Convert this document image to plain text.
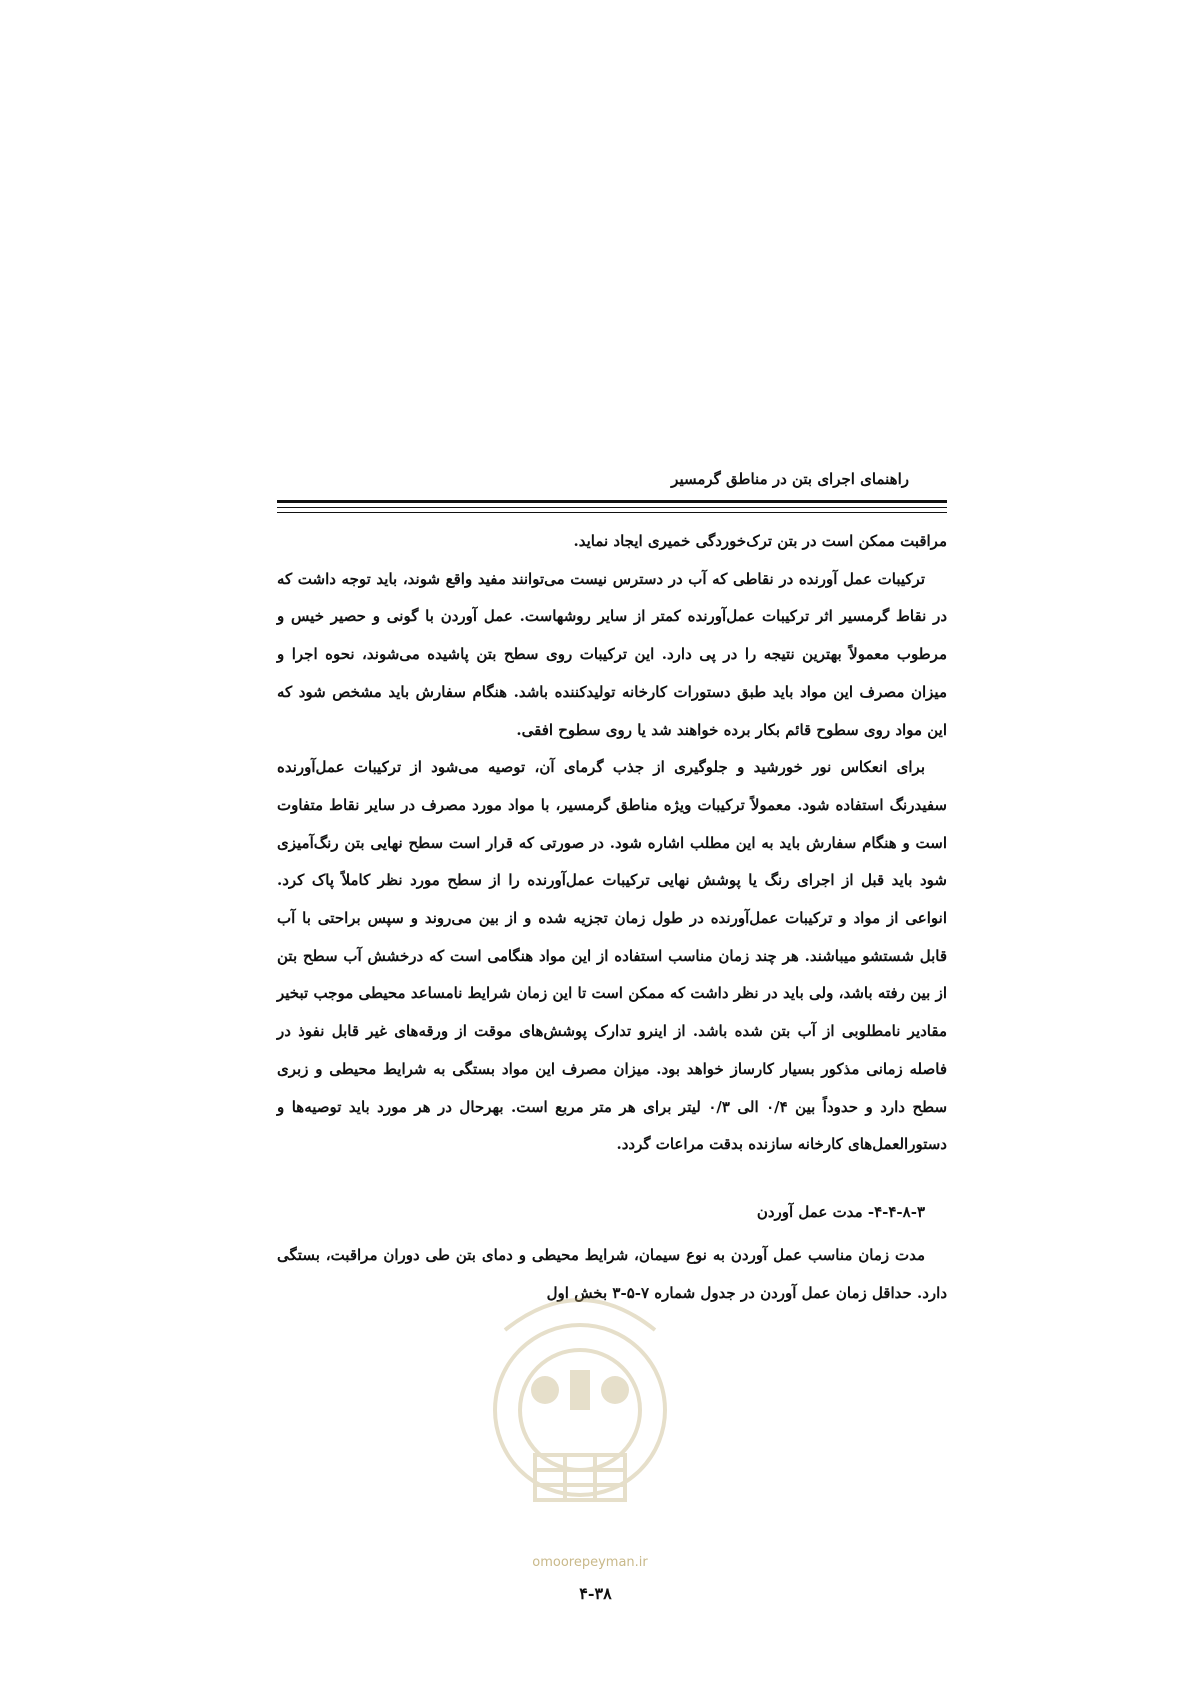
راهنمای اجرای بتن در مناطق گرمسیر

مراقبت ممکن است در بتن ترک‌خوردگی خمیری ایجاد نماید.

ترکیبات عمل آورنده در نقاطی که آب در دسترس نیست می‌توانند مفید واقع شوند، باید توجه داشت که در نقاط گرمسیر اثر ترکیبات عمل‌آورنده کمتر از سایر روشهاست. عمل آوردن با گونی و حصیر خیس و مرطوب معمولاً بهترین نتیجه را در پی دارد. این ترکیبات روی سطح بتن پاشیده می‌شوند، نحوه اجرا و میزان مصرف این مواد باید طبق دستورات کارخانه تولیدکننده باشد. هنگام سفارش باید مشخص شود که این مواد روی سطوح قائم بکار برده خواهند شد یا روی سطوح افقی.

برای انعکاس نور خورشید و جلوگیری از جذب گرمای آن، توصیه می‌شود از ترکیبات عمل‌آورنده سفیدرنگ استفاده شود. معمولاً ترکیبات ویژه مناطق گرمسیر، با مواد مورد مصرف در سایر نقاط متفاوت است و هنگام سفارش باید به این مطلب اشاره شود. در صورتی که قرار است سطح نهایی بتن رنگ‌آمیزی شود باید قبل از اجرای رنگ یا پوشش نهایی ترکیبات عمل‌آورنده را از سطح مورد نظر کاملاً پاک کرد. انواعی از مواد و ترکیبات عمل‌آورنده در طول زمان تجزیه شده و از بین می‌روند و سپس براحتی با آب قابل شستشو میباشند. هر چند زمان مناسب استفاده از این مواد هنگامی است که درخشش آب سطح بتن از بین رفته باشد، ولی باید در نظر داشت که ممکن است تا این زمان شرایط نامساعد محیطی موجب تبخیر مقادیر نامطلوبی از آب بتن شده باشد. از اینرو تدارک پوشش‌های موقت از ورقه‌های غیر قابل نفوذ در فاصله زمانی مذکور بسیار کارساز خواهد بود. میزان مصرف این مواد بستگی به شرایط محیطی و زبری سطح دارد و حدوداً بین ۰/۴ الی ۰/۳ لیتر برای هر متر مربع است. بهرحال در هر مورد باید توصیه‌ها و دستورالعمل‌های کارخانه سازنده بدقت مراعات گردد.

۴-۴-۸-۳- مدت عمل آوردن

مدت زمان مناسب عمل آوردن به نوع سیمان، شرایط محیطی و دمای بتن طی دوران مراقبت، بستگی دارد. حداقل زمان عمل آوردن در جدول شماره ۷-۵-۳ بخش اول

omoorepeyman.ir
۴-۳۸
